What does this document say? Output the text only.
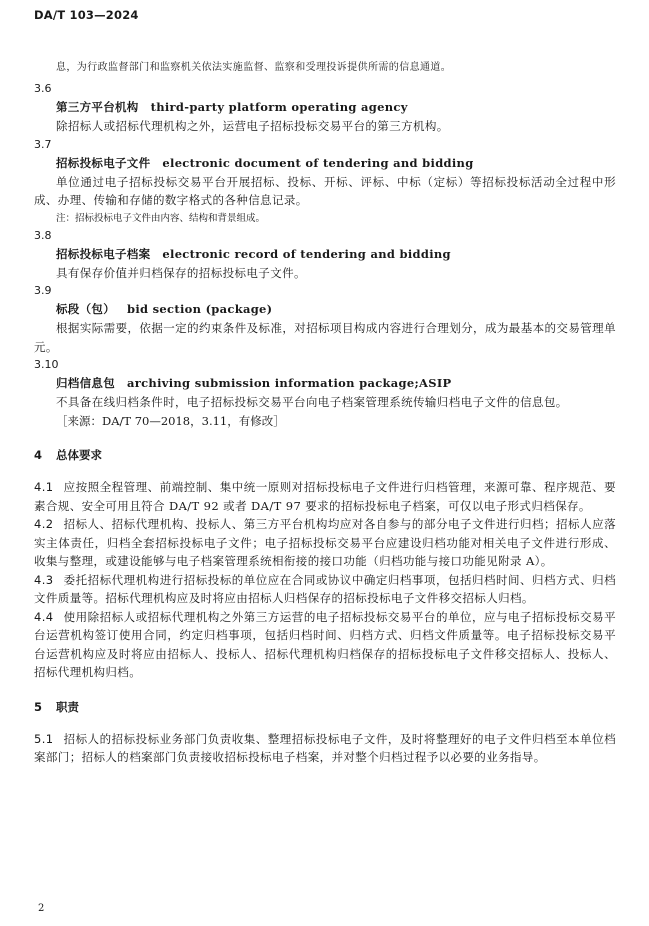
DA/T 103—2024

息，为行政监督部门和监察机关依法实施监督、监察和受理投诉提供所需的信息通道。

3.6

第三方平台机构 third-party platform operating agency

除招标人或招标代理机构之外，运营电子招标投标交易平台的第三方机构。

3.7

招标投标电子文件 electronic document of tendering and bidding

单位通过电子招标投标交易平台开展招标、投标、开标、评标、中标（定标）等招标投标活动全过程中形成、办理、传输和存储的数字格式的各种信息记录。

注：招标投标电子文件由内容、结构和背景组成。

3.8

招标投标电子档案 electronic record of tendering and bidding

具有保存价值并归档保存的招标投标电子文件。

3.9

标段（包） bid section (package)

根据实际需要，依据一定的约束条件及标准，对招标项目构成内容进行合理划分，成为最基本的交易管理单元。

3.10

归档信息包 archiving submission information package;ASIP

不具备在线归档条件时，电子招标投标交易平台向电子档案管理系统传输归档电子文件的信息包。

［来源：DA/T 70—2018，3.11，有修改］

4 总体要求

4.1 应按照全程管理、前端控制、集中统一原则对招标投标电子文件进行归档管理，来源可靠、程序规范、要素合规、安全可用且符合 DA/T 92 或者 DA/T 97 要求的招标投标电子档案，可仅以电子形式归档保存。

4.2 招标人、招标代理机构、投标人、第三方平台机构均应对各自参与的部分电子文件进行归档；招标人应落实主体责任，归档全套招标投标电子文件；电子招标投标交易平台应建设归档功能对相关电子文件进行形成、收集与整理，或建设能够与电子档案管理系统相衔接的接口功能（归档功能与接口功能见附录 A）。

4.3 委托招标代理机构进行招标投标的单位应在合同或协议中确定归档事项，包括归档时间、归档方式、归档文件质量等。招标代理机构应及时将应由招标人归档保存的招标投标电子文件移交招标人归档。

4.4 使用除招标人或招标代理机构之外第三方运营的电子招标投标交易平台的单位，应与电子招标投标交易平台运营机构签订使用合同，约定归档事项，包括归档时间、归档方式、归档文件质量等。电子招标投标交易平台运营机构应及时将应由招标人、投标人、招标代理机构归档保存的招标投标电子文件移交招标人、投标人、招标代理机构归档。

5 职责

5.1 招标人的招标投标业务部门负责收集、整理招标投标电子文件，及时将整理好的电子文件归档至本单位档案部门；招标人的档案部门负责接收招标投标电子档案，并对整个归档过程予以必要的业务指导。

2
